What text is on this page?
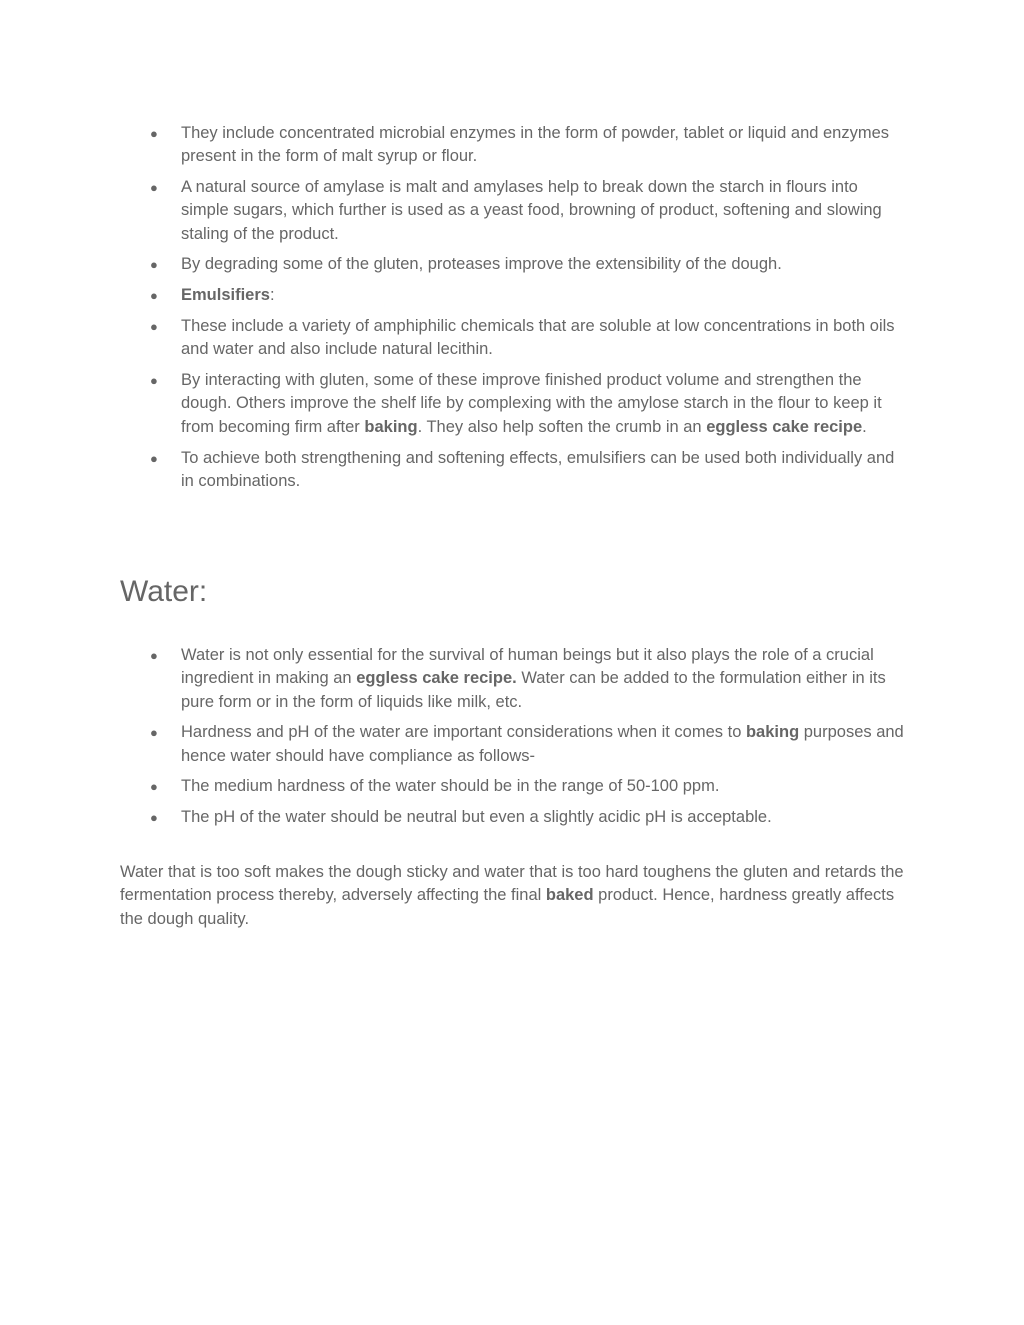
● They include concentrated microbial enzymes in the form of powder, tablet or liquid and enzymes present in the form of malt syrup or flour.
● A natural source of amylase is malt and amylases help to break down the starch in flours into simple sugars, which further is used as a yeast food, browning of product, softening and slowing staling of the product.
● By degrading some of the gluten, proteases improve the extensibility of the dough.
● Emulsifiers:
● These include a variety of amphiphilic chemicals that are soluble at low concentrations in both oils and water and also include natural lecithin.
● By interacting with gluten, some of these improve finished product volume and strengthen the dough. Others improve the shelf life by complexing with the amylose starch in the flour to keep it from becoming firm after baking. They also help soften the crumb in an eggless cake recipe.
● To achieve both strengthening and softening effects, emulsifiers can be used both individually and in combinations.
Water:
● Water is not only essential for the survival of human beings but it also plays the role of a crucial ingredient in making an eggless cake recipe. Water can be added to the formulation either in its pure form or in the form of liquids like milk, etc.
● Hardness and pH of the water are important considerations when it comes to baking purposes and hence water should have compliance as follows-
● The medium hardness of the water should be in the range of 50-100 ppm.
● The pH of the water should be neutral but even a slightly acidic pH is acceptable.

Water that is too soft makes the dough sticky and water that is too hard toughens the gluten and retards the fermentation process thereby, adversely affecting the final baked product. Hence, hardness greatly affects the dough quality.
